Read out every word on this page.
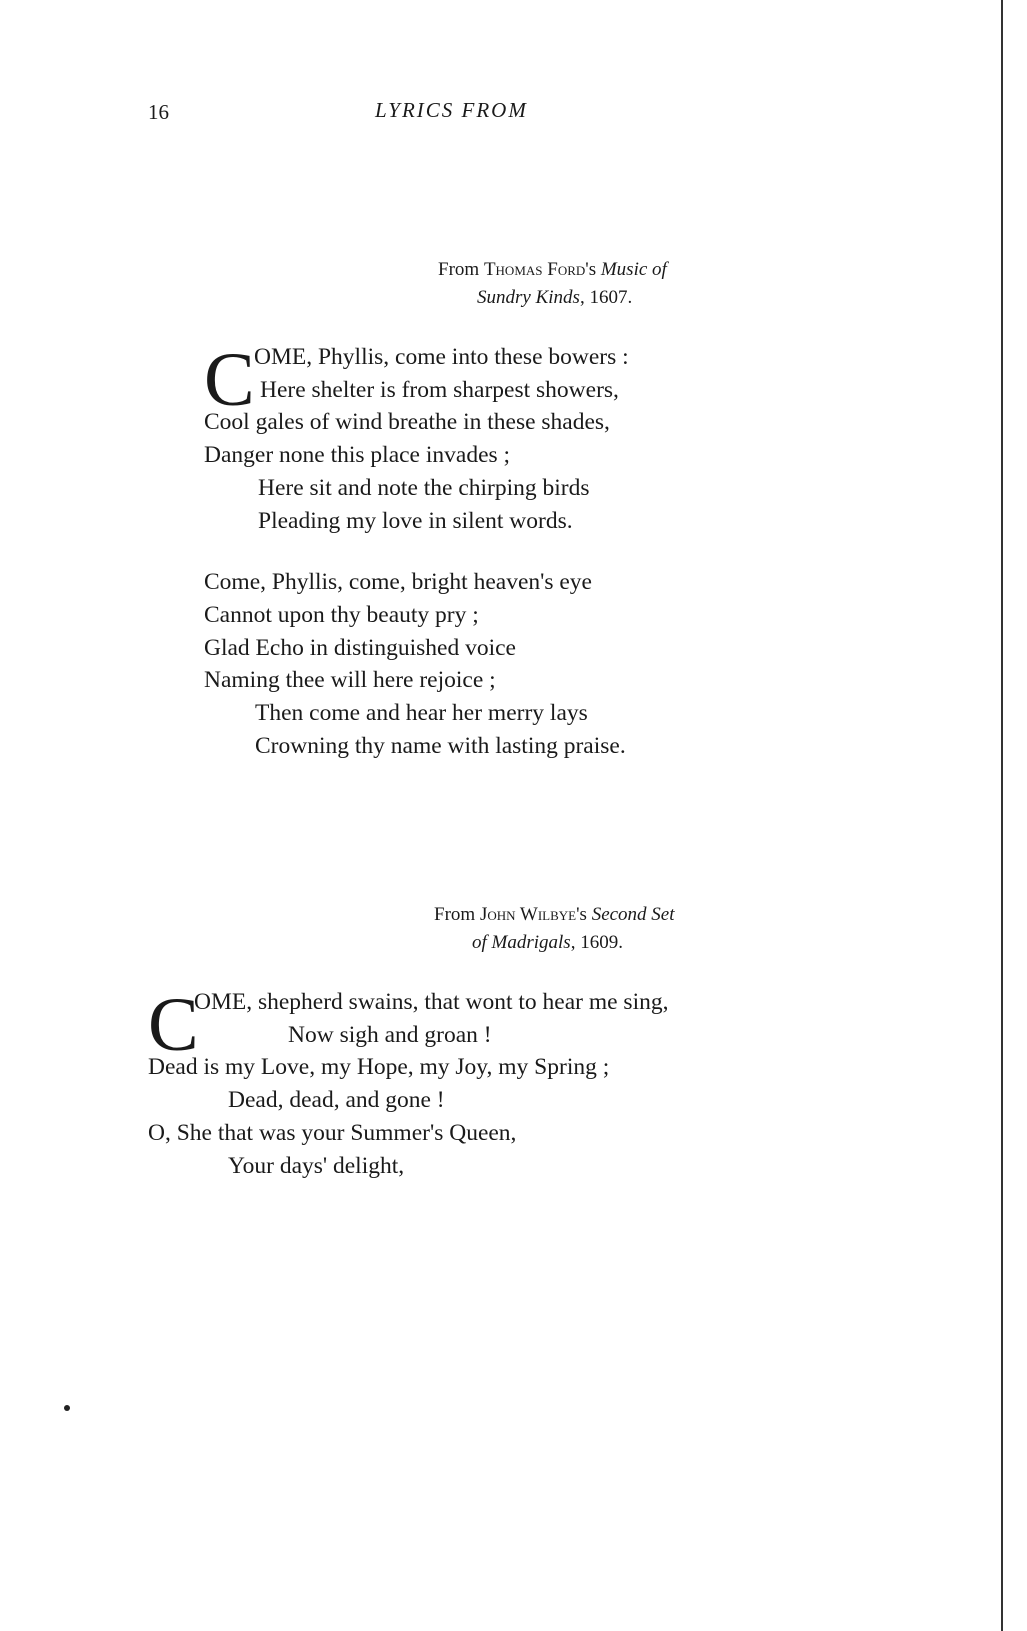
16	LYRICS FROM
From Thomas Ford's Music of
Sundry Kinds, 1607.
C OME, Phyllis, come into these bowers :
Here shelter is from sharpest showers,
Cool gales of wind breathe in these shades,
Danger none this place invades ;
Here sit and note the chirping birds
Pleading my love in silent words.
Come, Phyllis, come, bright heaven's eye
Cannot upon thy beauty pry ;
Glad Echo in distinguished voice
Naming thee will here rejoice ;
Then come and hear her merry lays
Crowning thy name with lasting praise.
From John Wilbye's Second Set
of Madrigals, 1609.
C
OME, shepherd swains, that wont to hear me sing,
Now sigh and groan !
Dead is my Love, my Hope, my Joy, my Spring ;
Dead, dead, and gone !
O, She that was your Summer's Queen,
Your days' delight,
